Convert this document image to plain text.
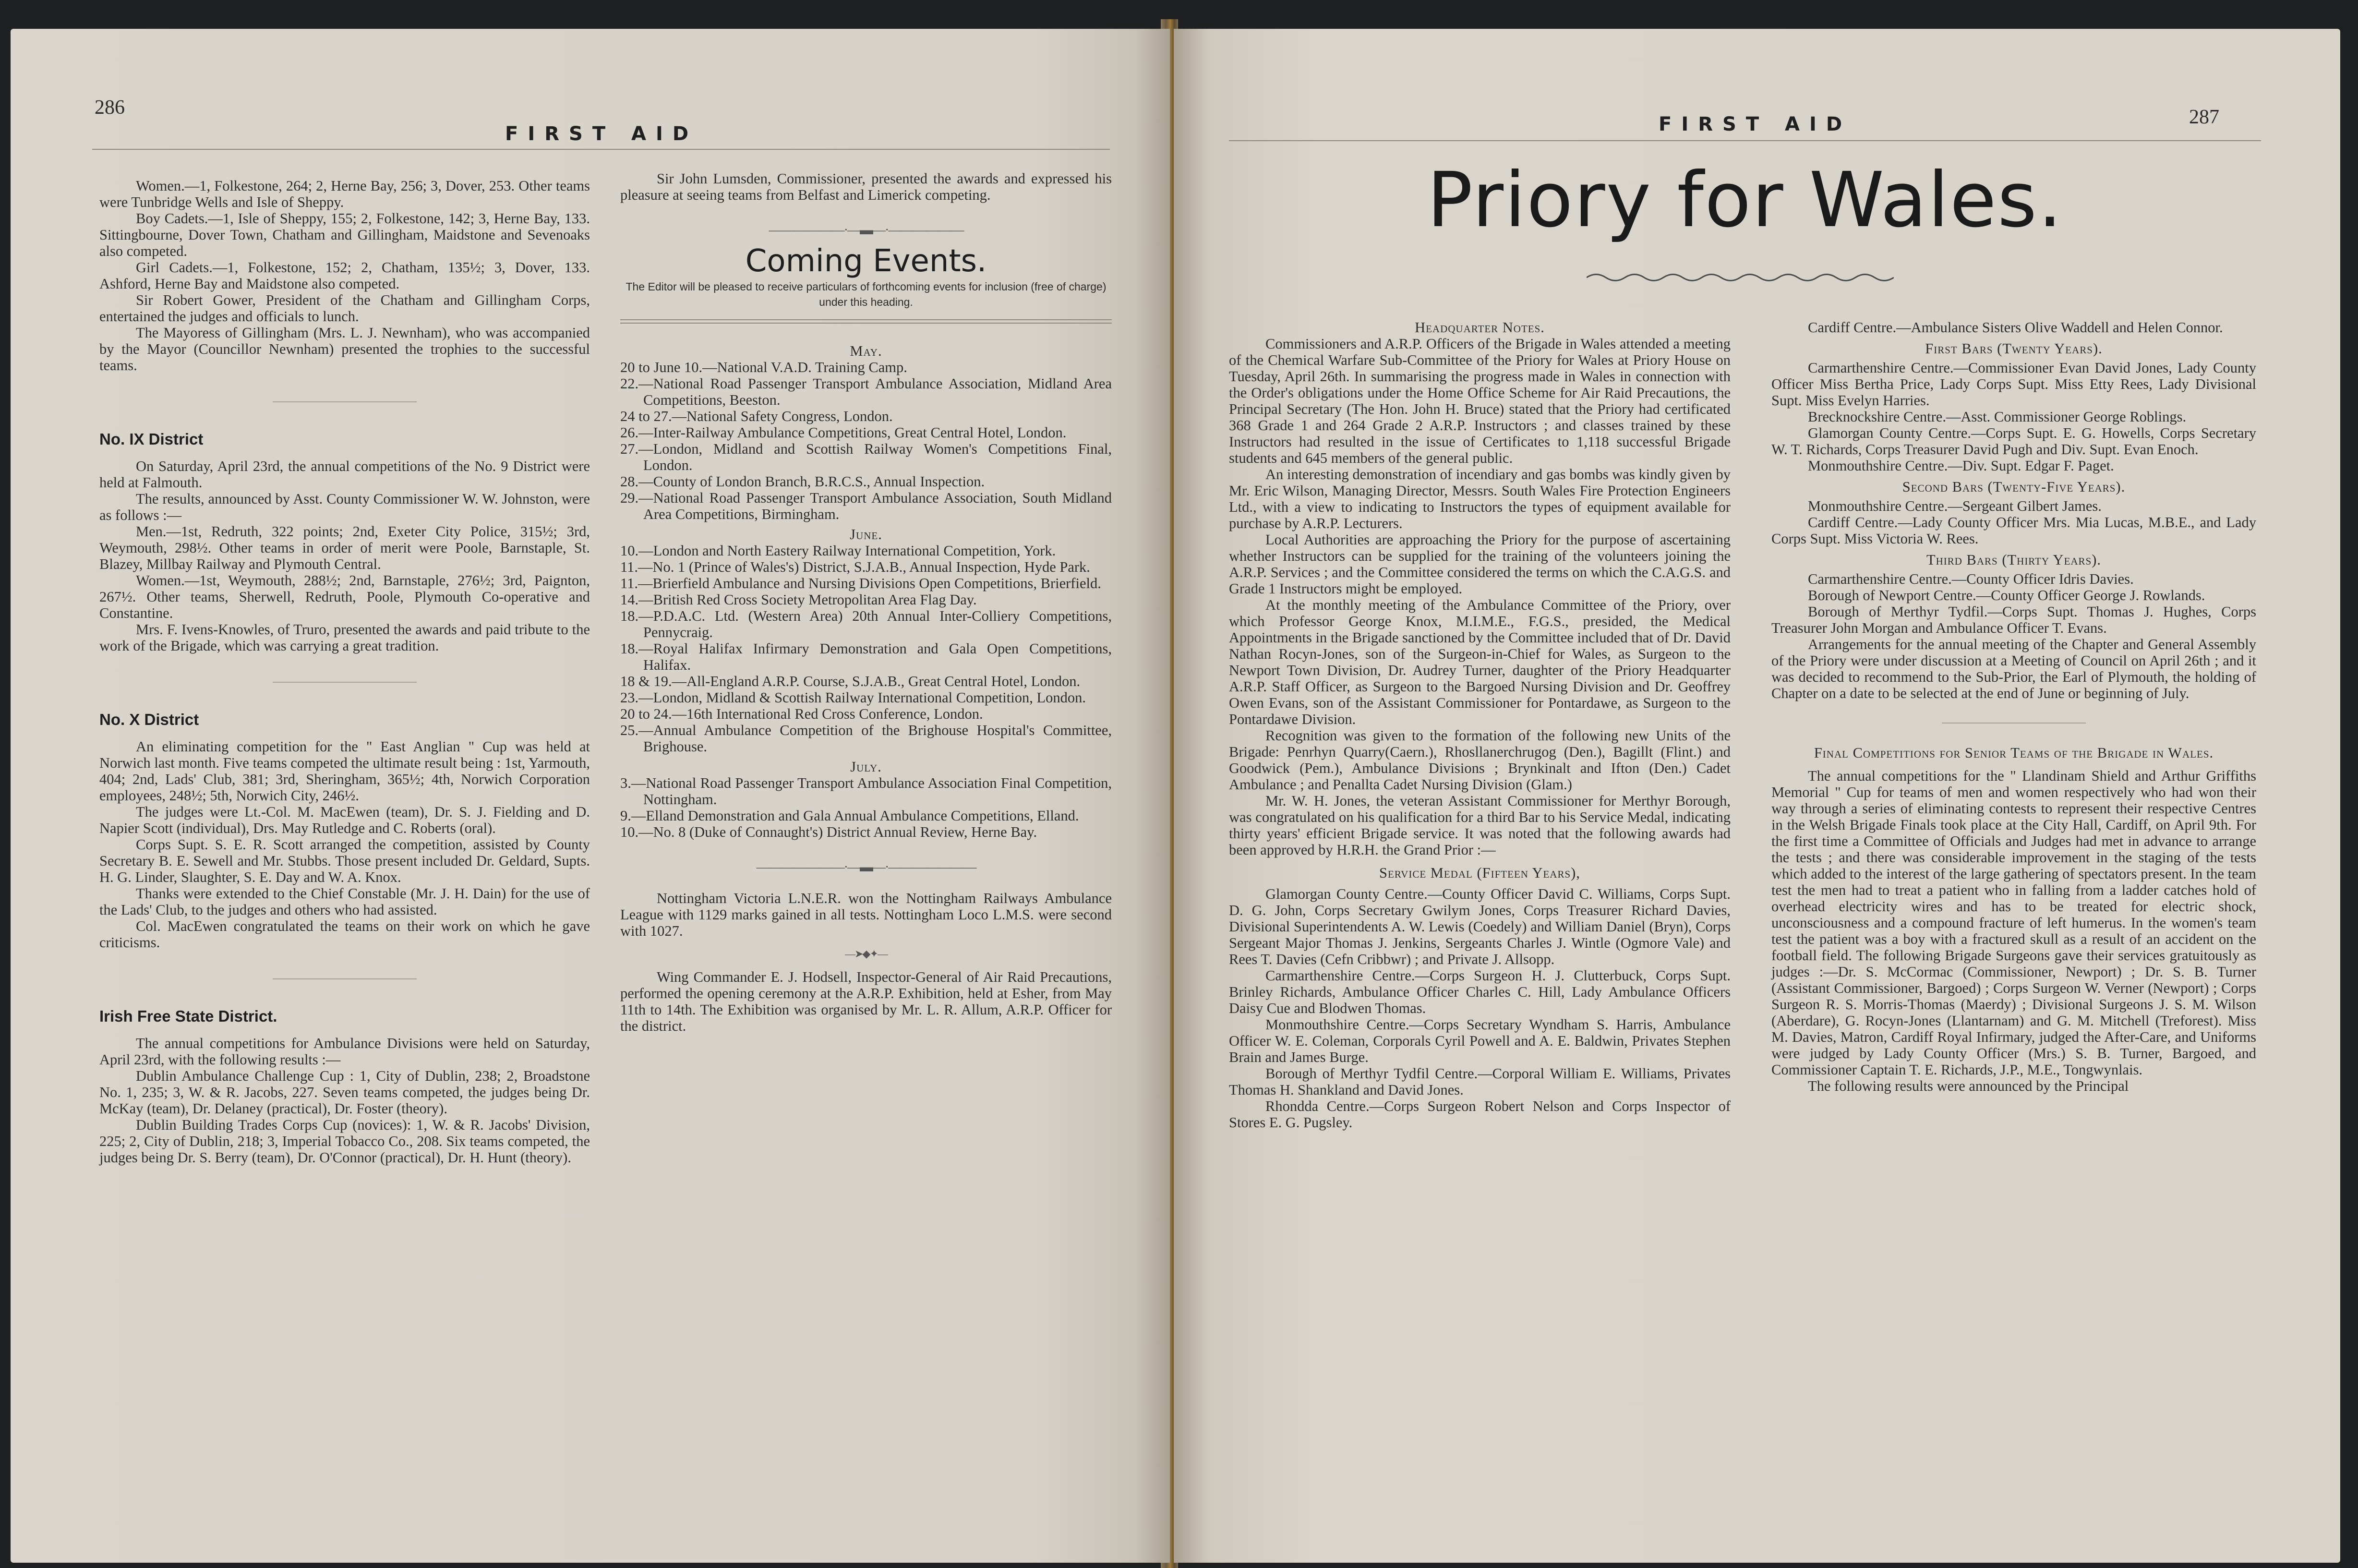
286
FIRST AID

Women.—1, Folkestone, 264; 2, Herne Bay, 256; 3, Dover, 253. Other teams were Tunbridge Wells and Isle of Sheppy.

Boy Cadets.—1, Isle of Sheppy, 155; 2, Folkestone, 142; 3, Herne Bay, 133. Sittingbourne, Dover Town, Chatham and Gillingham, Maidstone and Sevenoaks also competed.

Girl Cadets.—1, Folkestone, 152; 2, Chatham, 135½; 3, Dover, 133. Ashford, Herne Bay and Maidstone also competed.

Sir Robert Gower, President of the Chatham and Gillingham Corps, entertained the judges and officials to lunch.

The Mayoress of Gillingham (Mrs. L. J. Newnham), who was accompanied by the Mayor (Councillor Newnham) presented the trophies to the successful teams.

No. IX District

On Saturday, April 23rd, the annual competitions of the No. 9 District were held at Falmouth.

The results, announced by Asst. County Commissioner W. W. Johnston, were as follows :—

Men.—1st, Redruth, 322 points; 2nd, Exeter City Police, 315½; 3rd, Weymouth, 298½. Other teams in order of merit were Poole, Barnstaple, St. Blazey, Millbay Railway and Plymouth Central.

Women.—1st, Weymouth, 288½; 2nd, Barnstaple, 276½; 3rd, Paignton, 267½. Other teams, Sherwell, Redruth, Poole, Plymouth Co-operative and Constantine.

Mrs. F. Ivens-Knowles, of Truro, presented the awards and paid tribute to the work of the Brigade, which was carrying a great tradition.

No. X District

An eliminating competition for the " East Anglian " Cup was held at Norwich last month. Five teams competed the ultimate result being : 1st, Yarmouth, 404; 2nd, Lads' Club, 381; 3rd, Sheringham, 365½; 4th, Norwich Corporation employees, 248½; 5th, Norwich City, 246½.

The judges were Lt.-Col. M. MacEwen (team), Dr. S. J. Fielding and D. Napier Scott (individual), Drs. May Rutledge and C. Roberts (oral).

Corps Supt. S. E. R. Scott arranged the competition, assisted by County Secretary B. E. Sewell and Mr. Stubbs. Those present included Dr. Geldard, Supts. H. G. Linder, Slaughter, S. E. Day and W. A. Knox.

Thanks were extended to the Chief Constable (Mr. J. H. Dain) for the use of the Lads' Club, to the judges and others who had assisted.

Col. MacEwen congratulated the teams on their work on which he gave criticisms.

Irish Free State District.

The annual competitions for Ambulance Divisions were held on Saturday, April 23rd, with the following results :—

Dublin Ambulance Challenge Cup : 1, City of Dublin, 238; 2, Broadstone No. 1, 235; 3, W. & R. Jacobs, 227. Seven teams competed, the judges being Dr. McKay (team), Dr. Delaney (practical), Dr. Foster (theory).

Dublin Building Trades Corps Cup (novices): 1, W. & R. Jacobs' Division, 225; 2, City of Dublin, 218; 3, Imperial Tobacco Co., 208. Six teams competed, the judges being Dr. S. Berry (team), Dr. O'Connor (practical), Dr. H. Hunt (theory).

Sir John Lumsden, Commissioner, presented the awards and expressed his pleasure at seeing teams from Belfast and Limerick competing.

——————·—▬—·——————
Coming Events.

The Editor will be pleased to receive particulars of forthcoming events for inclusion (free of charge) under this heading.

May.

20 to June 10.—National V.A.D. Training Camp.

22.—National Road Passenger Transport Ambulance Association, Midland Area Competitions, Beeston.

24 to 27.—National Safety Congress, London.

26.—Inter-Railway Ambulance Competitions, Great Central Hotel, London.

27.—London, Midland and Scottish Railway Women's Competitions Final, London.

28.—County of London Branch, B.R.C.S., Annual Inspection.

29.—National Road Passenger Transport Ambulance Association, South Midland Area Competitions, Birmingham.

June.

10.—London and North Eastery Railway International Competition, York.

11.—No. 1 (Prince of Wales's) District, S.J.A.B., Annual Inspection, Hyde Park.

11.—Brierfield Ambulance and Nursing Divisions Open Competitions, Brierfield.

14.—British Red Cross Society Metropolitan Area Flag Day.

18.—P.D.A.C. Ltd. (Western Area) 20th Annual Inter-Colliery Competitions, Pennycraig.

18.—Royal Halifax Infirmary Demonstration and Gala Open Competitions, Halifax.

18 & 19.—All-England A.R.P. Course, S.J.A.B., Great Central Hotel, London.

23.—London, Midland & Scottish Railway International Competition, London.

20 to 24.—16th International Red Cross Conference, London.

25.—Annual Ambulance Competition of the Brighouse Hospital's Committee, Brighouse.

July.

3.—National Road Passenger Transport Ambulance Association Final Competition, Nottingham.

9.—Elland Demonstration and Gala Annual Ambulance Competitions, Elland.

10.—No. 8 (Duke of Connaught's) District Annual Review, Herne Bay.

———————·—▬—·———————

Nottingham Victoria L.N.E.R. won the Nottingham Railways Ambulance League with 1129 marks gained in all tests. Nottingham Loco L.M.S. were second with 1027.

—➤◆✦—

Wing Commander E. J. Hodsell, Inspector-General of Air Raid Precautions, performed the opening ceremony at the A.R.P. Exhibition, held at Esher, from May 11th to 14th. The Exhibition was organised by Mr. L. R. Allum, A.R.P. Officer for the district.

FIRST AID	287
Priory for Wales.

Headquarter Notes.

Commissioners and A.R.P. Officers of the Brigade in Wales attended a meeting of the Chemical Warfare Sub-Committee of the Priory for Wales at Priory House on Tuesday, April 26th. In summarising the progress made in Wales in connection with the Order's obligations under the Home Office Scheme for Air Raid Precautions, the Principal Secretary (The Hon. John H. Bruce) stated that the Priory had certificated 368 Grade 1 and 264 Grade 2 A.R.P. Instructors ; and classes trained by these Instructors had resulted in the issue of Certificates to 1,118 successful Brigade students and 645 members of the general public.

An interesting demonstration of incendiary and gas bombs was kindly given by Mr. Eric Wilson, Managing Director, Messrs. South Wales Fire Protection Engineers Ltd., with a view to indicating to Instructors the types of equipment available for purchase by A.R.P. Lecturers.

Local Authorities are approaching the Priory for the purpose of ascertaining whether Instructors can be supplied for the training of the volunteers joining the A.R.P. Services ; and the Committee considered the terms on which the C.A.G.S. and Grade 1 Instructors might be employed.

At the monthly meeting of the Ambulance Committee of the Priory, over which Professor George Knox, M.I.M.E., F.G.S., presided, the Medical Appointments in the Brigade sanctioned by the Committee included that of Dr. David Nathan Rocyn-Jones, son of the Surgeon-in-Chief for Wales, as Surgeon to the Newport Town Division, Dr. Audrey Turner, daughter of the Priory Headquarter A.R.P. Staff Officer, as Surgeon to the Bargoed Nursing Division and Dr. Geoffrey Owen Evans, son of the Assistant Commissioner for Pontardawe, as Surgeon to the Pontardawe Division.

Recognition was given to the formation of the following new Units of the Brigade: Penrhyn Quarry(Caern.), Rhosllanerchrugog (Den.), Bagillt (Flint.) and Goodwick (Pem.), Ambulance Divisions ; Brynkinalt and Ifton (Den.) Cadet Ambulance ; and Penallta Cadet Nursing Division (Glam.)

Mr. W. H. Jones, the veteran Assistant Commissioner for Merthyr Borough, was congratulated on his qualification for a third Bar to his Service Medal, indicating thirty years' efficient Brigade service. It was noted that the following awards had been approved by H.R.H. the Grand Prior :—

Service Medal (Fifteen Years),

Glamorgan County Centre.—County Officer David C. Williams, Corps Supt. D. G. John, Corps Secretary Gwilym Jones, Corps Treasurer Richard Davies, Divisional Superintendents A. W. Lewis (Coedely) and William Daniel (Bryn), Corps Sergeant Major Thomas J. Jenkins, Sergeants Charles J. Wintle (Ogmore Vale) and Rees T. Davies (Cefn Cribbwr) ; and Private J. Allsopp.

Carmarthenshire Centre.—Corps Surgeon H. J. Clutterbuck, Corps Supt. Brinley Richards, Ambulance Officer Charles C. Hill, Lady Ambulance Officers Daisy Cue and Blodwen Thomas.

Monmouthshire Centre.—Corps Secretary Wyndham S. Harris, Ambulance Officer W. E. Coleman, Corporals Cyril Powell and A. E. Baldwin, Privates Stephen Brain and James Burge.

Borough of Merthyr Tydfil Centre.—Corporal William E. Williams, Privates Thomas H. Shankland and David Jones.

Rhondda Centre.—Corps Surgeon Robert Nelson and Corps Inspector of Stores E. G. Pugsley.

Cardiff Centre.—Ambulance Sisters Olive Waddell and Helen Connor.

First Bars (Twenty Years).

Carmarthenshire Centre.—Commissioner Evan David Jones, Lady County Officer Miss Bertha Price, Lady Corps Supt. Miss Etty Rees, Lady Divisional Supt. Miss Evelyn Harries.

Brecknockshire Centre.—Asst. Commissioner George Roblings.

Glamorgan County Centre.—Corps Supt. E. G. Howells, Corps Secretary W. T. Richards, Corps Treasurer David Pugh and Div. Supt. Evan Enoch.

Monmouthshire Centre.—Div. Supt. Edgar F. Paget.

Second Bars (Twenty-Five Years).

Monmouthshire Centre.—Sergeant Gilbert James.

Cardiff Centre.—Lady County Officer Mrs. Mia Lucas, M.B.E., and Lady Corps Supt. Miss Victoria W. Rees.

Third Bars (Thirty Years).

Carmarthenshire Centre.—County Officer Idris Davies.

Borough of Newport Centre.—County Officer George J. Rowlands.

Borough of Merthyr Tydfil.—Corps Supt. Thomas J. Hughes, Corps Treasurer John Morgan and Ambulance Officer T. Evans.

Arrangements for the annual meeting of the Chapter and General Assembly of the Priory were under discussion at a Meeting of Council on April 26th ; and it was decided to recommend to the Sub-Prior, the Earl of Plymouth, the holding of Chapter on a date to be selected at the end of June or beginning of July.

Final Competitions for Senior Teams of the Brigade in Wales.

The annual competitions for the " Llandinam Shield and Arthur Griffiths Memorial " Cup for teams of men and women respectively who had won their way through a series of eliminating contests to represent their respective Centres in the Welsh Brigade Finals took place at the City Hall, Cardiff, on April 9th. For the first time a Committee of Officials and Judges had met in advance to arrange the tests ; and there was considerable improvement in the staging of the tests which added to the interest of the large gathering of spectators present. In the team test the men had to treat a patient who in falling from a ladder catches hold of overhead electricity wires and has to be treated for electric shock, unconsciousness and a compound fracture of left humerus. In the women's team test the patient was a boy with a fractured skull as a result of an accident on the football field. The following Brigade Surgeons gave their services gratuitously as judges :—Dr. S. McCormac (Commissioner, Newport) ; Dr. S. B. Turner (Assistant Commissioner, Bargoed) ; Corps Surgeon W. Verner (Newport) ; Corps Surgeon R. S. Morris-Thomas (Maerdy) ; Divisional Surgeons J. S. M. Wilson (Aberdare), G. Rocyn-Jones (Llantarnam) and G. M. Mitchell (Treforest). Miss M. Davies, Matron, Cardiff Royal Infirmary, judged the After-Care, and Uniforms were judged by Lady County Officer (Mrs.) S. B. Turner, Bargoed, and Commissioner Captain T. E. Richards, J.P., M.E., Tongwynlais.

The following results were announced by the Principal
